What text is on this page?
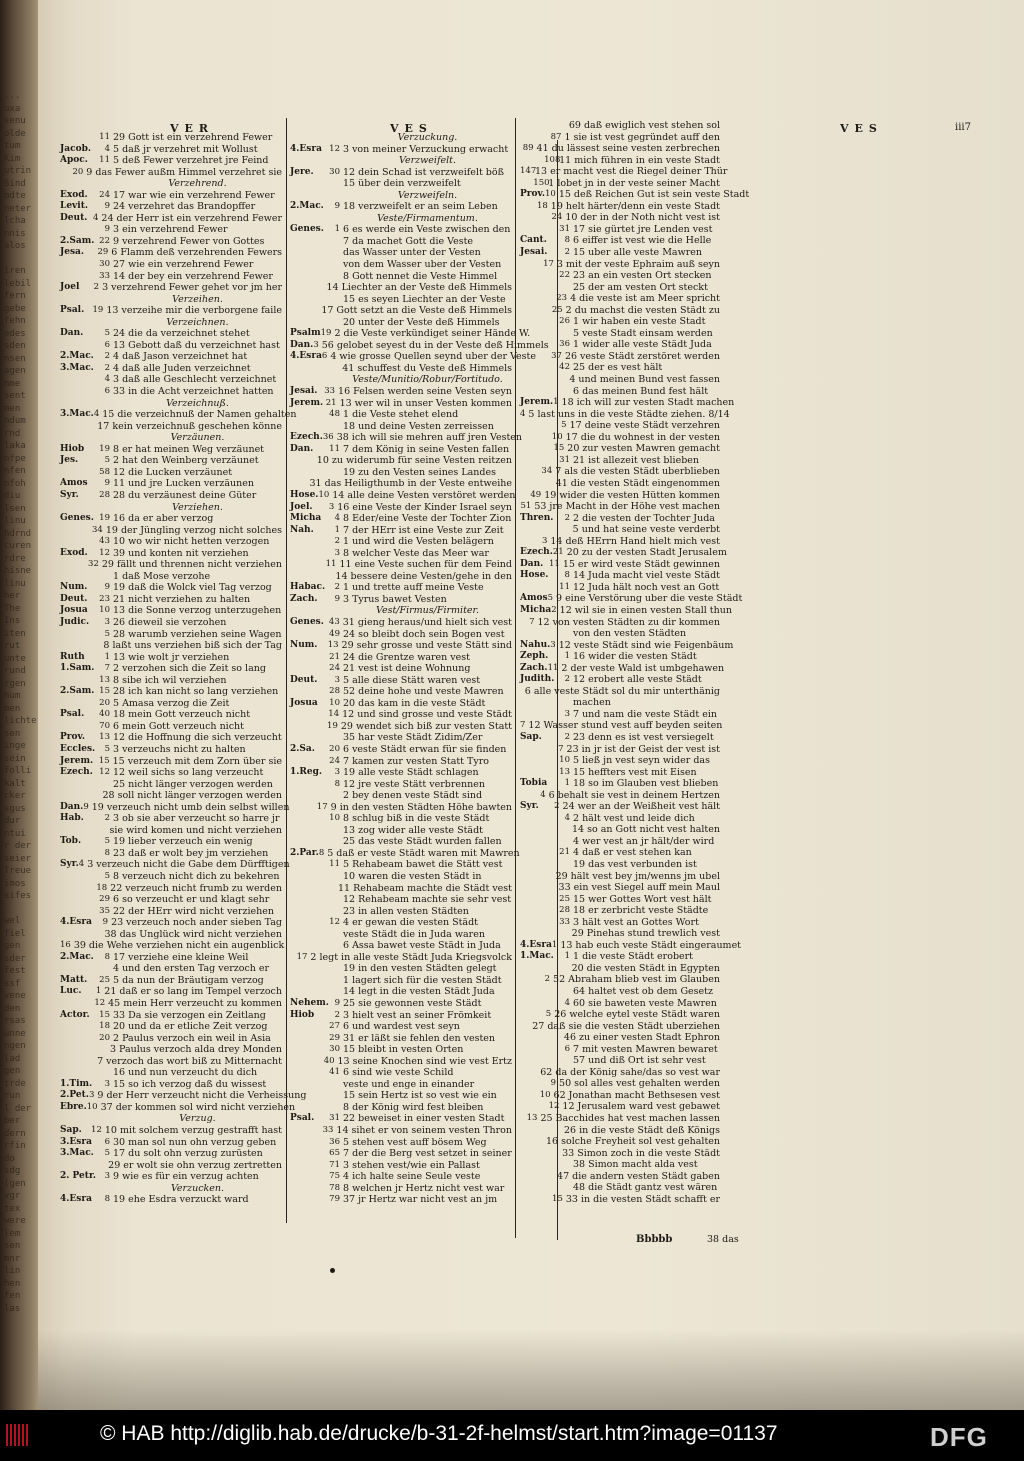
...
uxa
senu
olde
tum
Kim
utrin
Sind
mdte
neter
lcha
nnis
alos

iren
lebil
fern
gebe
fehn
edes
sden
nsen
agen
mme
sent
men
ndum
rnd
laka
nfpe
nfen
nfoh
diu
lsen
linu
hdrnd
curen
rdre
hisne
linu
her
The
Ins
iten
rut
unte
rund
rgen
hum
men
lichte
sen
inge
sein
folli
kalt
cker
sgus
dur
ntui
r der
seier
Treue
imos
sifes

wel
fiel
gen
sder
fest
ssf
vene
den
rsas
unne
ngen
lad
gen
trde
run
l der
ber
dern
rfin
do
sdg
(gen
vgr
tex
were
lem
sen
mnr
lin
hen
fen
las

VER	VES	VES	iii7
11 29 Gott ist ein verzehrend Fewer
Jacob.	4 5 daß jr verzehret mit Wollust
Apoc.	11 5 deß Fewer verzehret jre Feind
20 9 das Fewer außm Himmel verzehret sie
Verzehrend.
Exod.	24 17 war wie ein verzehrend Fewer
Levit.	9 24 verzehret das Brandopffer
Deut. 4 24 der Herr ist ein verzehrend Fewer
9 3 ein verzehrend Fewer
2.Sam. 22 9 verzehrend Fewer von Gottes
Jesa.	29 6 Flamm deß verzehrenden Fewers
30 27 wie ein verzehrend Fewer
33 14 der bey ein verzehrend Fewer
Joel	2 3 verzehrend Fewer gehet vor jm her
Verzeihen.
Psal. 19 13 verzeihe mir die verborgene faile
Verzeichnen.
Dan.	5 24 die da verzeichnet stehet
6 13 Gebott daß du verzeichnet hast
2.Mac.	2 4 daß Jason verzeichnet hat
3.Mac.	2 4 daß alle Juden verzeichnet
4 3 daß alle Geschlecht verzeichnet
6 33 in die Acht verzeichnet hatten
Verzeichnuß.
3.Mac. 4 15 die verzeichnuß der Namen gehalten
17 kein verzeichnuß geschehen könne
Verzäunen.
Hiob	19 8 er hat meinen Weg verzäunet
Jes.	5 2 hat den Weinberg verzäunet
58 12 die Lucken verzäunet
Amos	9 11 und jre Lucken verzäunen
Syr.	28 28 du verzäunest deine Güter
Verziehen.
Genes. 19 16 da er aber verzog
34 19 der Jüngling verzog nicht solches
43 10 wo wir nicht hetten verzogen
Exod.	12 39 und konten nit verziehen
32 29 fällt und thrennen nicht verziehen
1 daß Mose verzohe
Num.	9 19 daß die Wolck viel Tag verzog
Deut.	23 21 nicht verziehen zu halten
Josua	10 13 die Sonne verzog unterzugehen
Judic.	3 26 dieweil sie verzohen
5 28 warumb verziehen seine Wagen
8 laßt uns verziehen biß sich der Tag
Ruth	1 13 wie wolt jr verziehen
1.Sam.	7 2 verzohen sich die Zeit so lang
13 8 sibe ich wil verziehen
2.Sam. 15 28 ich kan nicht so lang verziehen
20 5 Amasa verzog die Zeit
Psal.	40 18 mein Gott verzeuch nicht
70 6 mein Gott verzeuch nicht
Prov.	13 12 die Hoffnung die sich verzeucht
Eccles.	5 3 verzeuchs nicht zu halten
Jerem. 15 15 verzeuch mit dem Zorn über sie
Ezech. 12 12 weil sichs so lang verzeucht
25 nicht länger verzogen werden
28 soll nicht länger verzogen werden
Dan. 9 19 verzeuch nicht umb dein selbst willen
Hab.	2 3 ob sie aber verzeucht so harre jr
sie wird komen und nicht verziehen
Tob.	5 19 lieber verzeuch ein wenig
8 23 daß er wolt bey jm verziehen
Syr. 4 3 verzeuch nicht die Gabe dem Dürfftigen
5 8 verzeuch nicht dich zu bekehren
18 22 verzeuch nicht frumb zu werden
29 6 so verzeucht er und klagt sehr
35 22 der HErr wird nicht verziehen
4.Esra	9 23 verzeuch noch ander sieben Tag
38 das Unglück wird nicht verziehen
16 39 die Wehe verziehen nicht ein augenblick
2.Mac.	8 17 verziehe eine kleine Weil
4 und den ersten Tag verzoch er
Matt.	25 5 da nun der Bräutigam verzog
Luc.	1 21 daß er so lang im Tempel verzoch
12 45 mein Herr verzeucht zu kommen
Actor.	15 33 Da sie verzogen ein Zeitlang
18 20 und da er etliche Zeit verzog
20 2 Paulus verzoch ein weil in Asia
3 Paulus verzoch alda drey Monden
7 verzoch das wort biß zu Mitternacht
16 und nun verzeucht du dich
1.Tim.	3 15 so ich verzog daß du wissest
2.Pet. 3 9 der Herr verzeucht nicht die Verheissung
Ebre. 10 37 der kommen sol wird nicht verziehen
Verzug.
Sap.	12 10 mit solchem verzug gestrafft hast
3.Esra	6 30 man sol nun ohn verzug geben
3.Mac.	5 17 du solt ohn verzug zurüsten
29 er wolt sie ohn verzug zertretten
2. Petr.	3 9 wie es für ein verzug achten
Verzucken.
4.Esra	8 19 ehe Esdra verzuckt ward
Verzuckung.
4.Esra 12 3 von meiner Verzuckung erwacht
Verzweifelt.
Jere.	30 12 dein Schad ist verzweifelt böß
15 über dein verzweifelt
Verzweifeln.
2.Mac.	9 18 verzweifelt er an seim Leben
Veste/Firmamentum.
Genes.	1 6 es werde ein Veste zwischen den
7 da machet Gott die Veste
das Wasser unter der Vesten
von dem Wasser uber der Vesten
8 Gott nennet die Veste Himmel
14 Liechter an der Veste deß Himmels
15 es seyen Liechter an der Veste
17 Gott setzt an die Veste deß Himmels
20 unter der Veste deß Himmels
Psalm 19 2 die Veste verkündiget seiner Hände W.
Dan. 3 56 gelobet seyest du in der Veste deß Himmels
4.Esra 6 4 wie grosse Quellen seynd uber der Veste
41 schuffest du Veste deß Himmels
Veste/Munitio/Robur/Fortitudo.
Jesai. 33 16 Felsen werden seine Vesten seyn
Jerem. 21 13 wer wil in unser Vesten kommen
48 1 die Veste stehet elend
18 und deine Vesten zerreissen
Ezech. 36 38 ich will sie mehren auff jren Vesten
Dan.	11 7 dem König in seine Vesten fallen
10 zu widerumb für seine Vesten reitzen
19 zu den Vesten seines Landes
31 das Heiligthumb in der Veste entweihe
Hose. 10 14 alle deine Vesten verstöret werden
Joel.	3 16 eine Veste der Kinder Israel seyn
Micha	4 8 Eder/eine Veste der Tochter Zion
Nah.	1 7 der HErr ist eine Veste zur Zeit
2 1 und wird die Vesten belägern
3 8 welcher Veste das Meer war
11 11 eine Veste suchen für dem Feind
14 bessere deine Vesten/gehe in den
Habac.	2 1 und trette auff meine Veste
Zach.	9 3 Tyrus bawet Vesten
Vest/Firmus/Firmiter.
Genes. 43 31 gieng heraus/und hielt sich vest
49 24 so bleibt doch sein Bogen vest
Num.	13 29 sehr grosse und veste Stätt sind
21 24 die Grentze waren vest
24 21 vest ist deine Wohnung
Deut.	3 5 alle diese Stätt waren vest
28 52 deine hohe und veste Mawren
Josua	10 20 das kam in die veste Städt
14 12 und sind grosse und veste Städt
19 29 wendet sich biß zur vesten Statt
35 har veste Städt Zidim/Zer
2.Sa.	20 6 veste Städt erwan für sie finden
24 7 kamen zur vesten Statt Tyro
1.Reg.	3 19 alle veste Städt schlagen
8 12 jre veste Stätt verbrennen
2 bey denen veste Städt sind
17 9 in den vesten Städten Höhe bawten
10 8 schlug biß in die veste Städt
13 zog wider alle veste Städt
25 das veste Städt wurden fallen
2.Par. 8 5 daß er veste Städt waren mit Mawren
11 5 Rehabeam bawet die Stätt vest
10 waren die vesten Städt in
11 Rehabeam machte die Städt vest
12 Rehabeam machte sie sehr vest
23 in allen vesten Städten
12 4 er gewan die vesten Städt
veste Städt die in Juda waren
6 Assa bawet veste Städt in Juda
17 2 legt in alle veste Städt Juda Kriegsvolck
19 in den vesten Städten gelegt
1 lagert sich für die vesten Städt
14 legt in die vesten Städt Juda
Nehem. 9 25 sie gewonnen veste Städt
Hiob	2 3 hielt vest an seiner Frömkeit
27 6 und wardest vest seyn
29 31 er läßt sie fehlen den vesten
30 15 bleibt in vesten Orten
40 13 seine Knochen sind wie vest Ertz
41 6 sind wie veste Schild
veste und enge in einander
15 sein Hertz ist so vest wie ein
8 der König wird fest bleiben
Psal.	31 22 beweiset in einer vesten Stadt
33 14 sihet er von seinem vesten Thron
36 5 stehen vest auff bösem Weg
65 7 der die Berg vest setzet in seiner
71 3 stehen vest/wie ein Pallast
75 4 ich halte seine Seule veste
78 8 welchen jr Hertz nicht vest war
79 37 jr Hertz war nicht vest an jm
69 daß ewiglich vest stehen sol
87 1 sie ist vest gegründet auff den
89 41 du lässest seine vesten zerbrechen
108
11 mich führen in ein veste Stadt
147
13 er macht vest die Riegel deiner Thür
150
1 lobet jn in der veste seiner Macht
Prov. 10 15 deß Reichen Gut ist sein veste Stadt
18 19 helt härter/denn ein veste Stadt
24 10 der in der Noth nicht vest ist
31 17 sie gürtet jre Lenden vest
Cant.	8 6 eiffer ist vest wie die Helle
Jesai.	2 15 uber alle veste Mawren
17 3 mit der veste Ephraim auß seyn
22 23 an ein vesten Ort stecken
25 der am vesten Ort steckt
23 4 die veste ist am Meer spricht
25 2 du machst die vesten Städt zu
26 1 wir haben ein veste Stadt
5 veste Stadt einsam werden
36 1 wider alle veste Städt Juda
37 26 veste Städt zerstöret werden
42 25 der es vest hält
4 und meinen Bund vest fassen
6 das meinen Bund fest hält
Jerem. 1 18 ich will zur vesten Stadt machen
4 5 last uns in die veste Städte ziehen. 8/14
5 17 deine veste Städt verzehren
10 17 die du wohnest in der vesten
15 20 zur vesten Mawren gemacht
31 21 ist allezeit vest blieben
34 7 als die vesten Städt uberblieben
41 die vesten Städt eingenommen
49 19 wider die vesten Hütten kommen
51 53 jre Macht in der Höhe vest machen
Thren.	2 2 die vesten der Tochter Juda
5 und hat seine veste verderbt
3 14 deß HErrn Hand hielt mich vest
Ezech. 21 20 zu der vesten Stadt Jerusalem
Dan. 11 15 er wird veste Städt gewinnen
Hose.	8 14 Juda macht viel veste Städt
11 12 Juda hält noch vest an Gott
Amos 5 9 eine Verstörung uber die veste Städt
Micha 2 12 wil sie in einen vesten Stall thun
7 12 von vesten Städten zu dir kommen
von den vesten Städten
Nahu. 3 12 veste Städt sind wie Feigenbäum
Zeph.	1 16 wider die vesten Städt
Zach. 11 2 der veste Wald ist umbgehawen
Judith.	2 12 erobert alle veste Städt
6 alle veste Städt sol du mir unterthänig
machen
3 7 und nam die veste Städt ein
7 12 Wasser stund vest auff beyden seiten
Sap.	2 23 denn es ist vest versiegelt
7 23 in jr ist der Geist der vest ist
10 5 ließ jn vest seyn wider das
13 15 heffters vest mit Eisen
Tobia	1 18 so im Glauben vest blieben
4 6 behalt sie vest in deinem Hertzen
Syr.	2 24 wer an der Weißheit vest hält
4 2 hält vest und leide dich
14 so an Gott nicht vest halten
4 wer vest an jr hält/der wird
21 4 daß er vest stehen kan
19 das vest verbunden ist
29 hält vest bey jm/wenns jm ubel
33 ein vest Siegel auff mein Maul
25 15 wer Gottes Wort vest hält
28 18 er zerbricht veste Städte
33 3 hält vest an Gottes Wort
29 Pinehas stund trewlich vest
4.Esra 1 13 hab euch veste Städt eingeraumet
1.Mac.	1 1 die veste Städt erobert
20 die vesten Städt in Egypten
2 52 Abraham blieb vest im Glauben
64 haltet vest ob dem Gesetz
4 60 sie baweten veste Mawren
5 26 welche eytel veste Städt waren
27 daß sie die vesten Städt uberziehen
46 zu einer vesten Stadt Ephron
6 7 mit vesten Mawren bewaret
57 und diß Ort ist sehr vest
62 da der König sahe/das so vest war
9 50 sol alles vest gehalten werden
10 62 Jonathan macht Bethsesen vest
12 12 Jerusalem ward vest gebawet
13 25 Bacchides hat vest machen lassen
26 in die veste Städt deß Königs
16 solche Freyheit sol vest gehalten
33 Simon zoch in die veste Städt
38 Simon macht alda vest
47 die andern vesten Städt gaben
48 die Städt gantz vest wären
15 33 in die vesten Städt schafft er
Bbbbb	38 das
© HAB http://diglib.hab.de/drucke/b-31-2f-helmst/start.htm?image=01137	DFG
